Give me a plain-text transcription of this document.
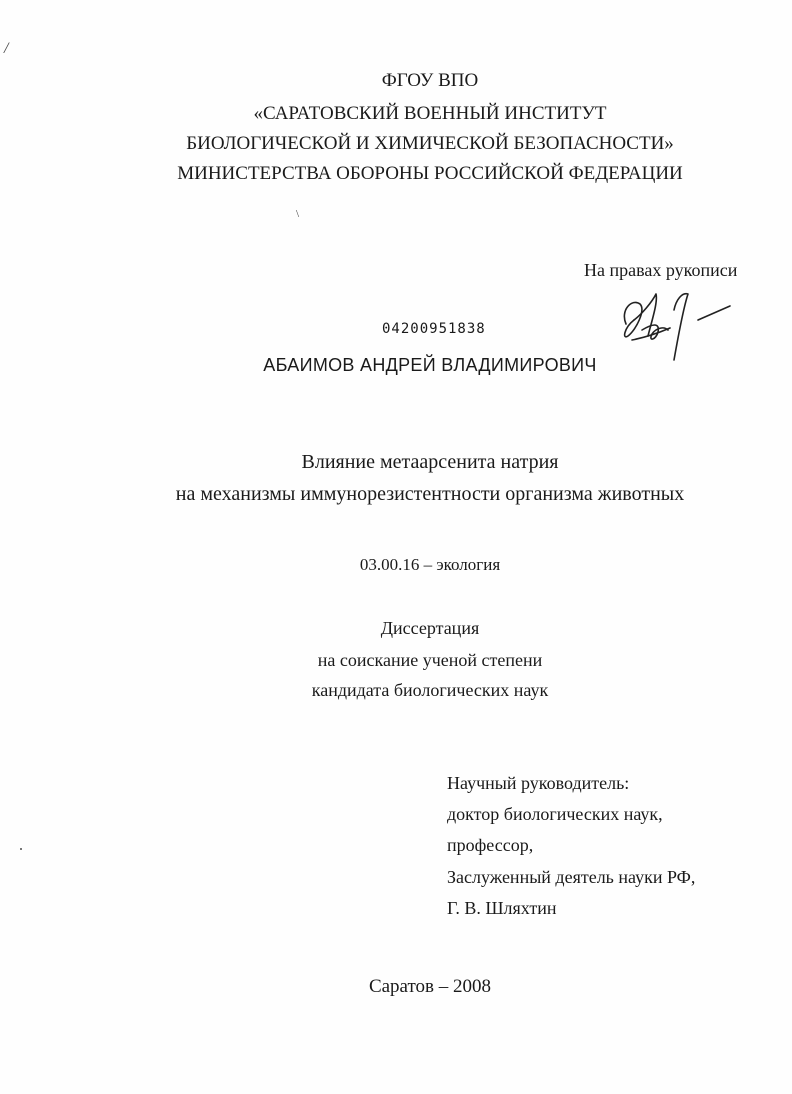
/
\
ФГОУ ВПО
«САРАТОВСКИЙ ВОЕННЫЙ ИНСТИТУТ
БИОЛОГИЧЕСКОЙ И ХИМИЧЕСКОЙ БЕЗОПАСНОСТИ»
МИНИСТЕРСТВА ОБОРОНЫ РОССИЙСКОЙ ФЕДЕРАЦИИ
На правах рукописи
04200951838
АБАИМОВ АНДРЕЙ ВЛАДИМИРОВИЧ
Влияние метаарсенита натрия
на механизмы иммунорезистентности организма животных
03.00.16 – экология
Диссертация
на соискание ученой степени
кандидата биологических наук
Научный руководитель:
доктор биологических наук,
профессор,
Заслуженный деятель науки РФ,
Г. В. Шляхтин
Саратов – 2008
